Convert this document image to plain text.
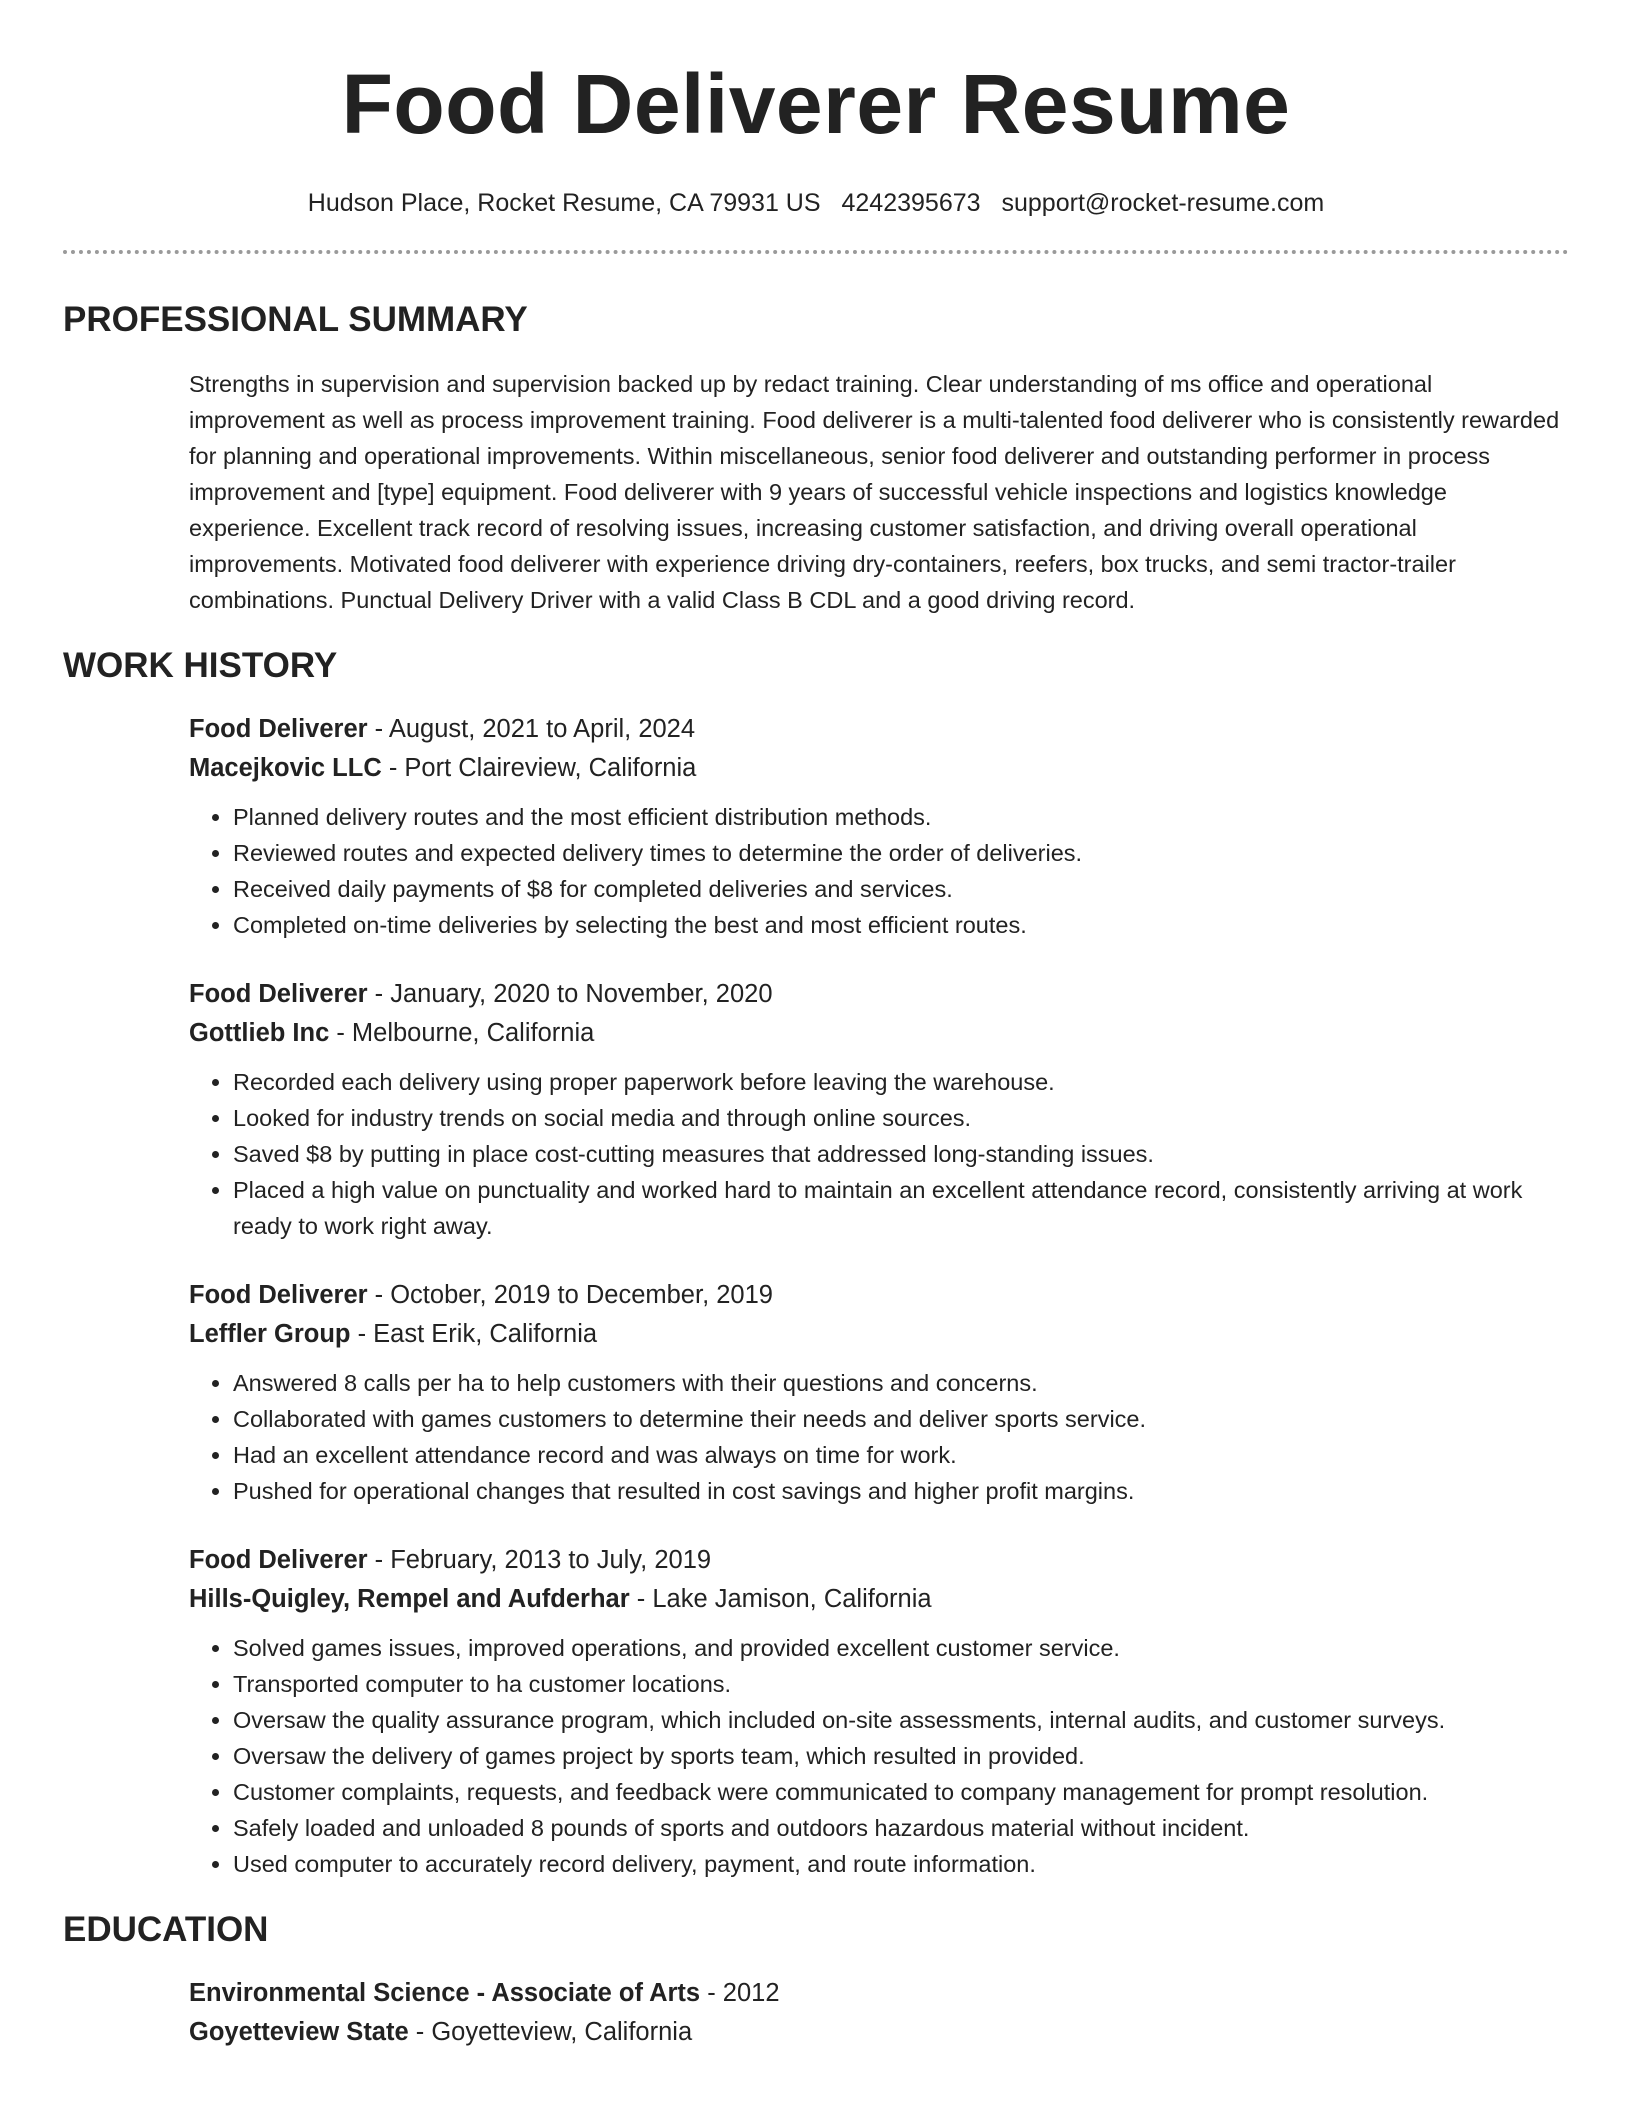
Food Deliverer Resume
Hudson Place, Rocket Resume, CA 79931 US 4242395673 support@rocket-resume.com
PROFESSIONAL SUMMARY
Strengths in supervision and supervision backed up by redact training. Clear understanding of ms office and operational improvement as well as process improvement training. Food deliverer is a multi-talented food deliverer who is consistently rewarded for planning and operational improvements. Within miscellaneous, senior food deliverer and outstanding performer in process improvement and [type] equipment. Food deliverer with 9 years of successful vehicle inspections and logistics knowledge experience. Excellent track record of resolving issues, increasing customer satisfaction, and driving overall operational improvements. Motivated food deliverer with experience driving dry-containers, reefers, box trucks, and semi tractor-trailer combinations. Punctual Delivery Driver with a valid Class B CDL and a good driving record.
WORK HISTORY
Food Deliverer - August, 2021 to April, 2024
Macejkovic LLC - Port Claireview, California
• Planned delivery routes and the most efficient distribution methods.
• Reviewed routes and expected delivery times to determine the order of deliveries.
• Received daily payments of $8 for completed deliveries and services.
• Completed on-time deliveries by selecting the best and most efficient routes.
Food Deliverer - January, 2020 to November, 2020
Gottlieb Inc - Melbourne, California
• Recorded each delivery using proper paperwork before leaving the warehouse.
• Looked for industry trends on social media and through online sources.
• Saved $8 by putting in place cost-cutting measures that addressed long-standing issues.
• Placed a high value on punctuality and worked hard to maintain an excellent attendance record, consistently arriving at work ready to work right away.
Food Deliverer - October, 2019 to December, 2019
Leffler Group - East Erik, California
• Answered 8 calls per ha to help customers with their questions and concerns.
• Collaborated with games customers to determine their needs and deliver sports service.
• Had an excellent attendance record and was always on time for work.
• Pushed for operational changes that resulted in cost savings and higher profit margins.
Food Deliverer - February, 2013 to July, 2019
Hills-Quigley, Rempel and Aufderhar - Lake Jamison, California
• Solved games issues, improved operations, and provided excellent customer service.
• Transported computer to ha customer locations.
• Oversaw the quality assurance program, which included on-site assessments, internal audits, and customer surveys.
• Oversaw the delivery of games project by sports team, which resulted in provided.
• Customer complaints, requests, and feedback were communicated to company management for prompt resolution.
• Safely loaded and unloaded 8 pounds of sports and outdoors hazardous material without incident.
• Used computer to accurately record delivery, payment, and route information.
EDUCATION
Environmental Science - Associate of Arts - 2012
Goyetteview State - Goyetteview, California
